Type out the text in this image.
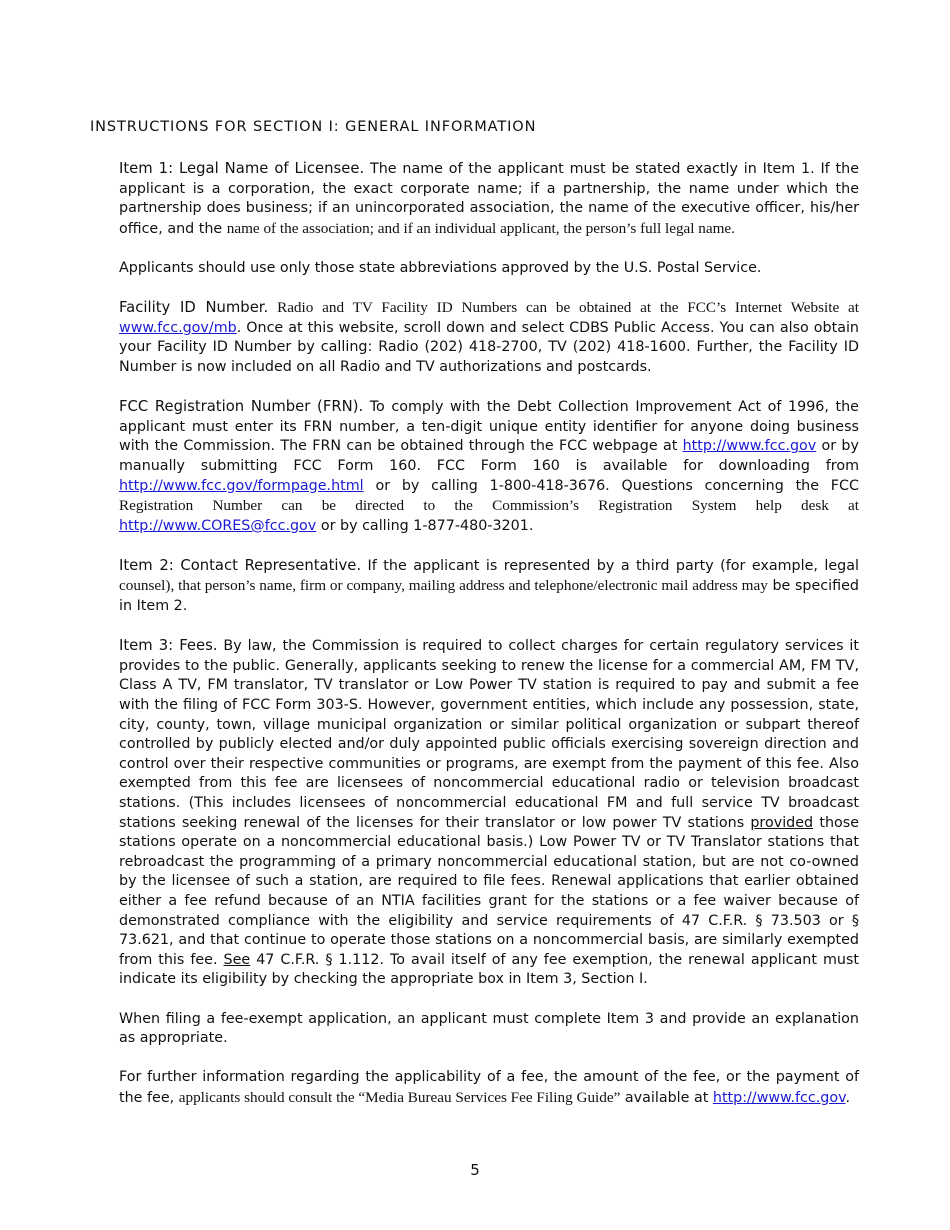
INSTRUCTIONS FOR SECTION I: GENERAL INFORMATION

Item 1: Legal Name of Licensee. The name of the applicant must be stated exactly in Item 1. If the applicant is a corporation, the exact corporate name; if a partnership, the name under which the partnership does business; if an unincorporated association, the name of the executive officer, his/her office, and the name of the association; and if an individual applicant, the person’s full legal name.

Applicants should use only those state abbreviations approved by the U.S. Postal Service.

Facility ID Number. Radio and TV Facility ID Numbers can be obtained at the FCC’s Internet Website at www.fcc.gov/mb. Once at this website, scroll down and select CDBS Public Access. You can also obtain your Facility ID Number by calling: Radio (202) 418-2700, TV (202) 418-1600. Further, the Facility ID Number is now included on all Radio and TV authorizations and postcards.

FCC Registration Number (FRN). To comply with the Debt Collection Improvement Act of 1996, the applicant must enter its FRN number, a ten-digit unique entity identifier for anyone doing business with the Commission. The FRN can be obtained through the FCC webpage at http://www.fcc.gov or by manually submitting FCC Form 160. FCC Form 160 is available for downloading from http://www.fcc.gov/formpage.html or by calling 1-800-418-3676. Questions concerning the FCC Registration Number can be directed to the Commission’s Registration System help desk at http://www.CORES@fcc.gov or by calling 1-877-480-3201.

Item 2: Contact Representative. If the applicant is represented by a third party (for example, legal counsel), that person’s name, firm or company, mailing address and telephone/electronic mail address may be specified in Item 2.

Item 3: Fees. By law, the Commission is required to collect charges for certain regulatory services it provides to the public. Generally, applicants seeking to renew the license for a commercial AM, FM TV, Class A TV, FM translator, TV translator or Low Power TV station is required to pay and submit a fee with the filing of FCC Form 303-S. However, government entities, which include any possession, state, city, county, town, village municipal organization or similar political organization or subpart thereof controlled by publicly elected and/or duly appointed public officials exercising sovereign direction and control over their respective communities or programs, are exempt from the payment of this fee. Also exempted from this fee are licensees of noncommercial educational radio or television broadcast stations. (This includes licensees of noncommercial educational FM and full service TV broadcast stations seeking renewal of the licenses for their translator or low power TV stations provided those stations operate on a noncommercial educational basis.) Low Power TV or TV Translator stations that rebroadcast the programming of a primary noncommercial educational station, but are not co-owned by the licensee of such a station, are required to file fees. Renewal applications that earlier obtained either a fee refund because of an NTIA facilities grant for the stations or a fee waiver because of demonstrated compliance with the eligibility and service requirements of 47 C.F.R. § 73.503 or § 73.621, and that continue to operate those stations on a noncommercial basis, are similarly exempted from this fee. See 47 C.F.R. § 1.112. To avail itself of any fee exemption, the renewal applicant must indicate its eligibility by checking the appropriate box in Item 3, Section I.

When filing a fee-exempt application, an applicant must complete Item 3 and provide an explanation as appropriate.

For further information regarding the applicability of a fee, the amount of the fee, or the payment of the fee, applicants should consult the “Media Bureau Services Fee Filing Guide” available at http://www.fcc.gov.

5
